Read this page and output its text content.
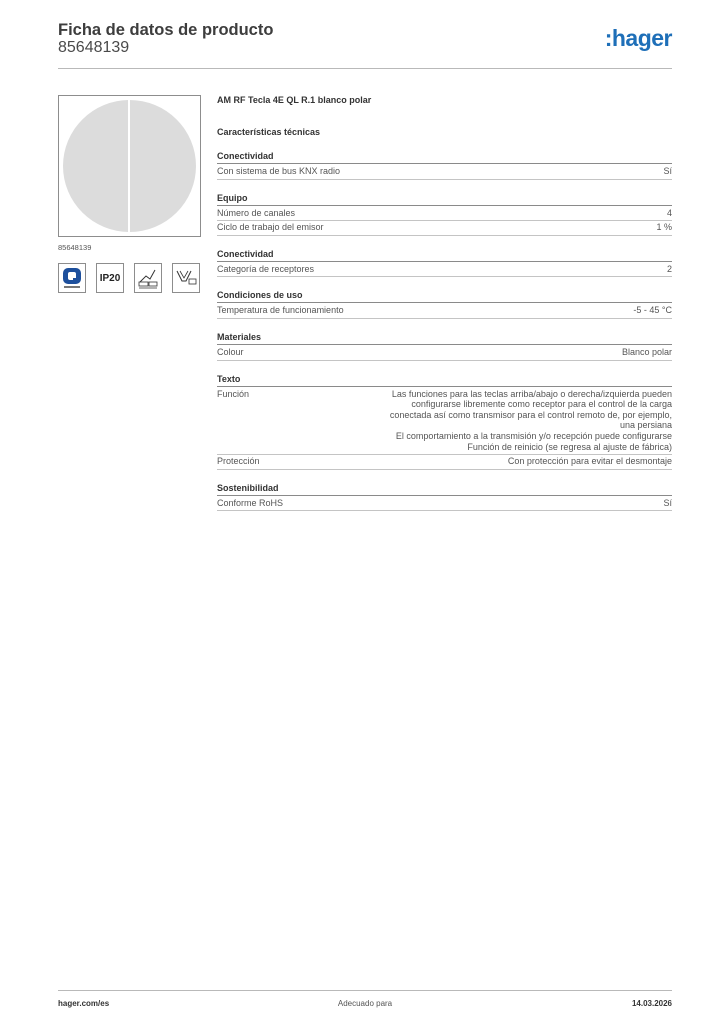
Ficha de datos de producto
85648139	:hager
85648139
IP20
AM RF Tecla 4E QL R.1 blanco polar
Características técnicas
Conectividad
Con sistema de bus KNX radio	Sí
Equipo
Número de canales	4
Ciclo de trabajo del emisor	1 %
Conectividad
Categoría de receptores	2
Condiciones de uso
Temperatura de funcionamiento	-5 - 45 °C
Materiales
Colour	Blanco polar
Texto
Función	Las funciones para las teclas arriba/abajo o derecha/izquierda pueden
configurarse libremente como receptor para el control de la carga
conectada así como transmisor para el control remoto de, por ejemplo,
una persiana
El comportamiento a la transmisión y/o recepción puede configurarse
Función de reinicio (se regresa al ajuste de fábrica)
Protección	Con protección para evitar el desmontaje
Sostenibilidad
Conforme RoHS	Sí
hager.com/es	Adecuado para	14.03.2026
